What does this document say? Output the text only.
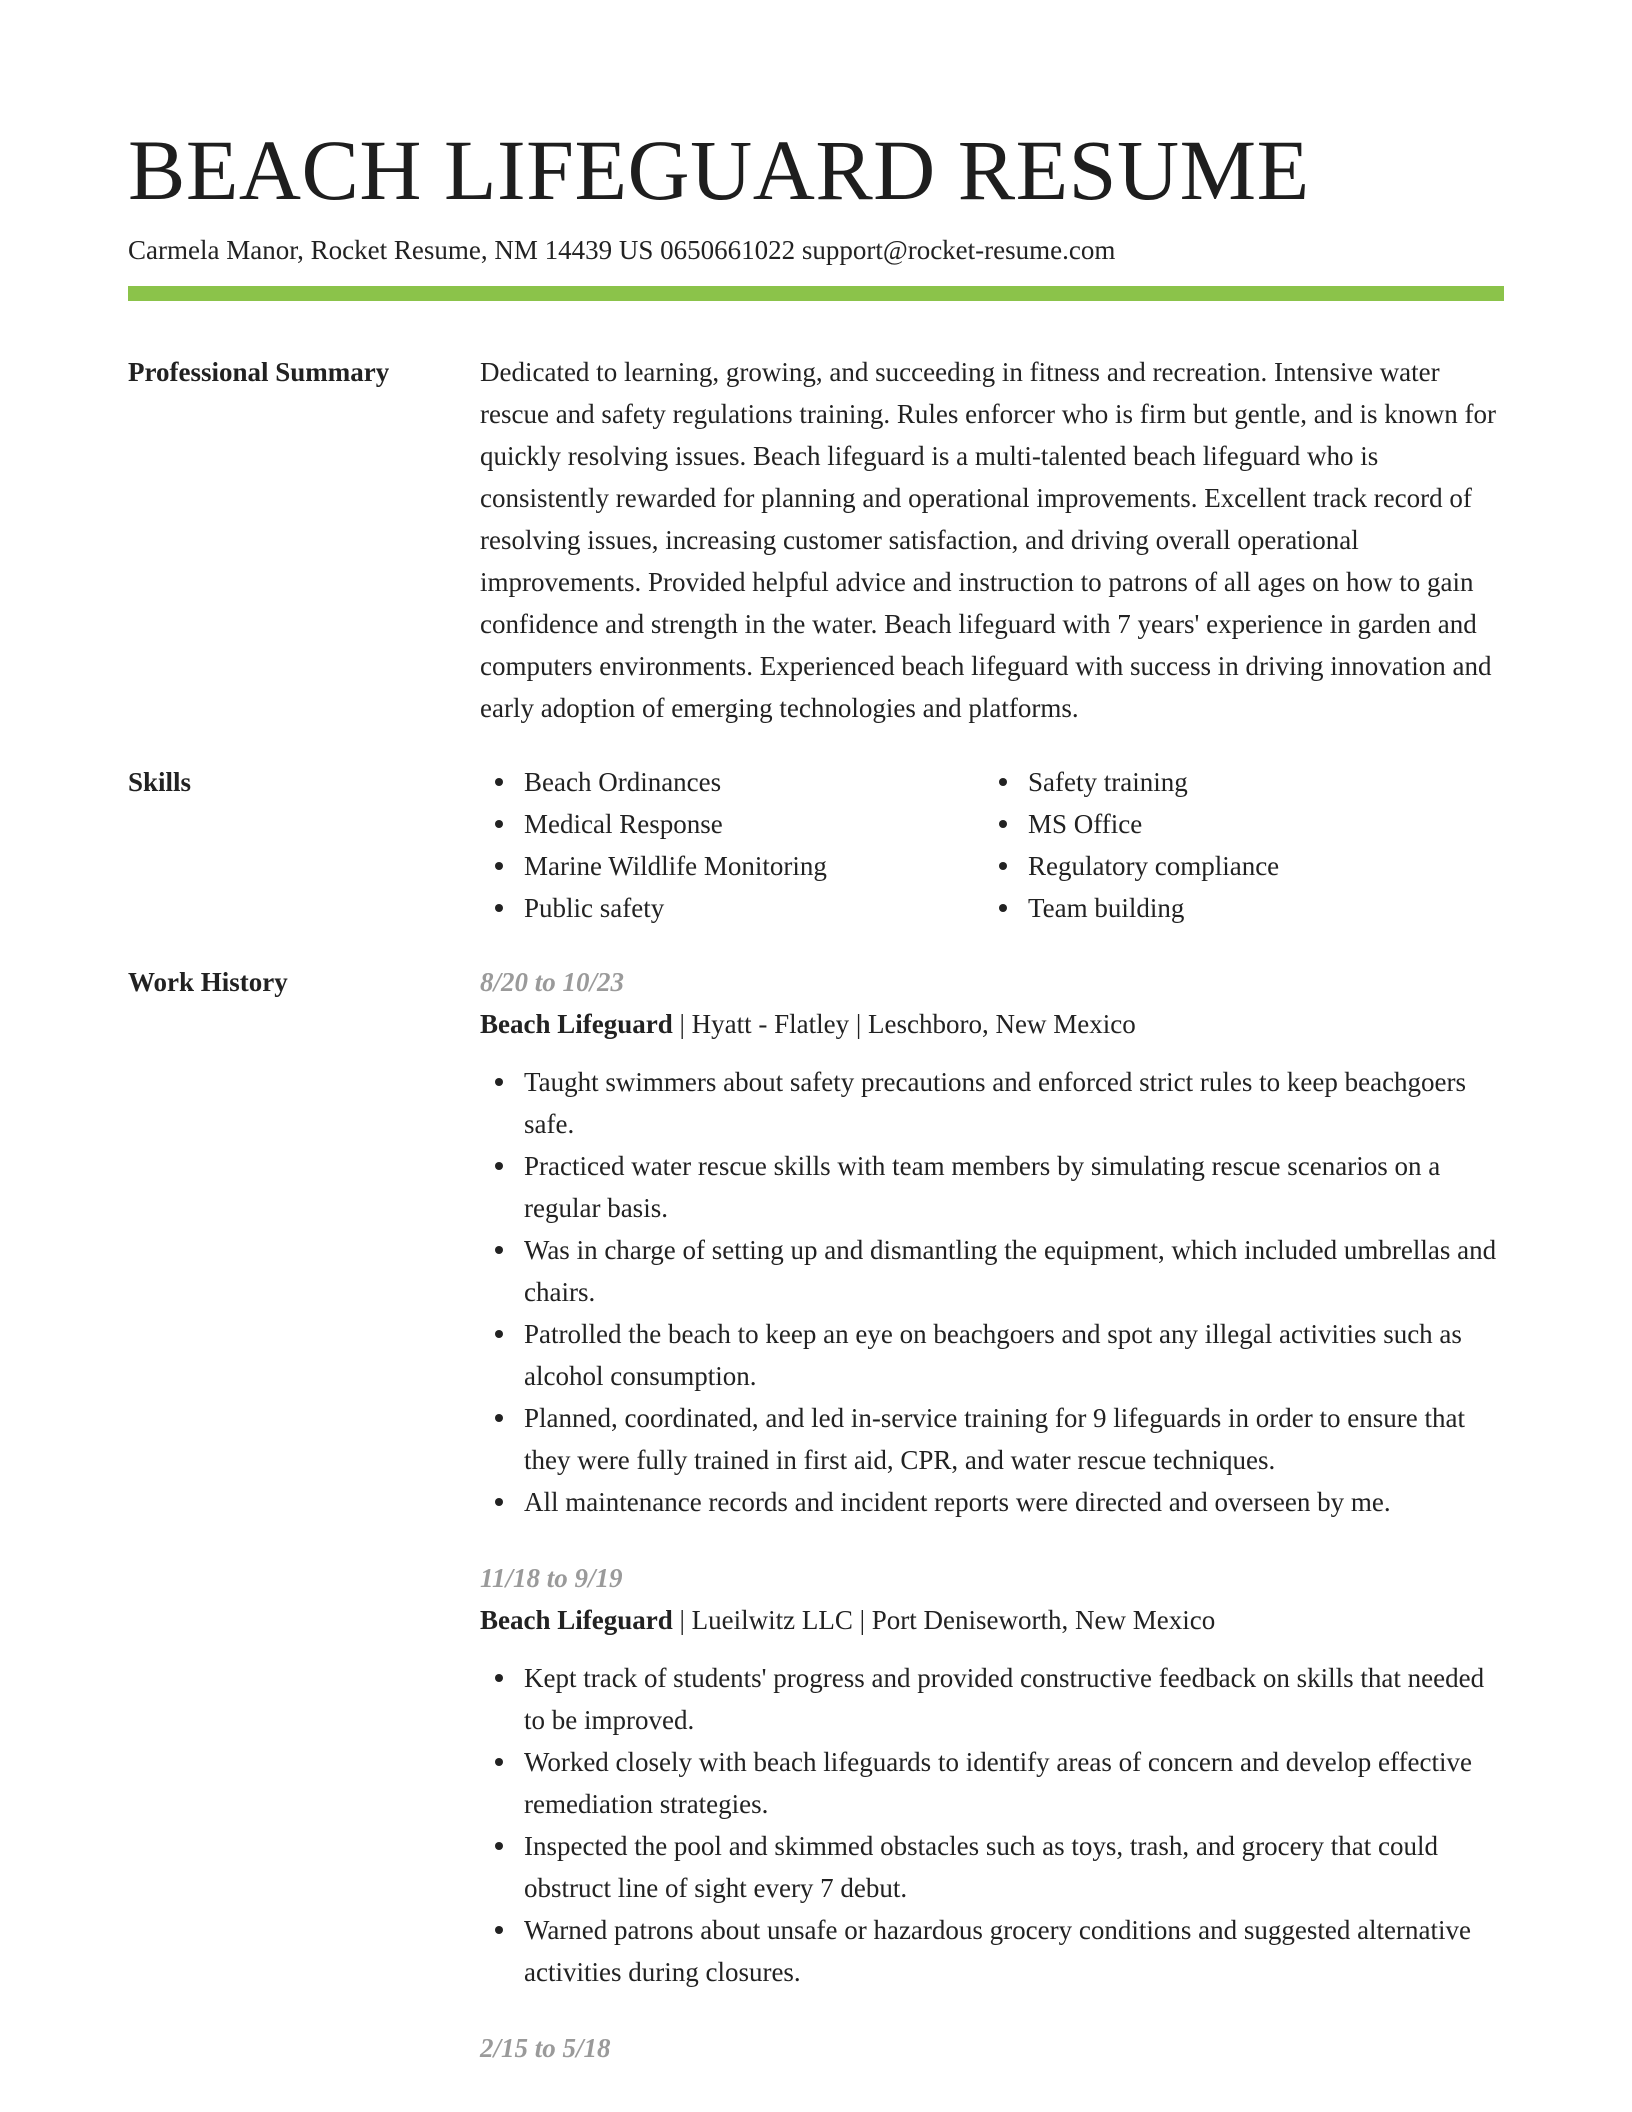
BEACH LIFEGUARD RESUME
Carmela Manor, Rocket Resume, NM 14439 US 0650661022 support@rocket-resume.com
Professional Summary	Dedicated to learning, growing, and succeeding in fitness and recreation. Intensive water rescue and safety regulations training. Rules enforcer who is firm but gentle, and is known for quickly resolving issues. Beach lifeguard is a multi-talented beach lifeguard who is consistently rewarded for planning and operational improvements. Excellent track record of resolving issues, increasing customer satisfaction, and driving overall operational improvements. Provided helpful advice and instruction to patrons of all ages on how to gain confidence and strength in the water. Beach lifeguard with 7 years' experience in garden and computers environments. Experienced beach lifeguard with success in driving innovation and early adoption of emerging technologies and platforms.
Skills	Beach Ordinances
Medical Response
Marine Wildlife Monitoring
Public safety
Safety training
MS Office
Regulatory compliance
Team building
Work History	8/20 to 10/23
Beach Lifeguard | Hyatt - Flatley | Leschboro, New Mexico
Taught swimmers about safety precautions and enforced strict rules to keep beachgoers safe.
Practiced water rescue skills with team members by simulating rescue scenarios on a regular basis.
Was in charge of setting up and dismantling the equipment, which included umbrellas and chairs.
Patrolled the beach to keep an eye on beachgoers and spot any illegal activities such as alcohol consumption.
Planned, coordinated, and led in-service training for 9 lifeguards in order to ensure that they were fully trained in first aid, CPR, and water rescue techniques.
All maintenance records and incident reports were directed and overseen by me.
11/18 to 9/19
Beach Lifeguard | Lueilwitz LLC | Port Deniseworth, New Mexico
Kept track of students' progress and provided constructive feedback on skills that needed to be improved.
Worked closely with beach lifeguards to identify areas of concern and develop effective remediation strategies.
Inspected the pool and skimmed obstacles such as toys, trash, and grocery that could obstruct line of sight every 7 debut.
Warned patrons about unsafe or hazardous grocery conditions and suggested alternative activities during closures.
2/15 to 5/18
